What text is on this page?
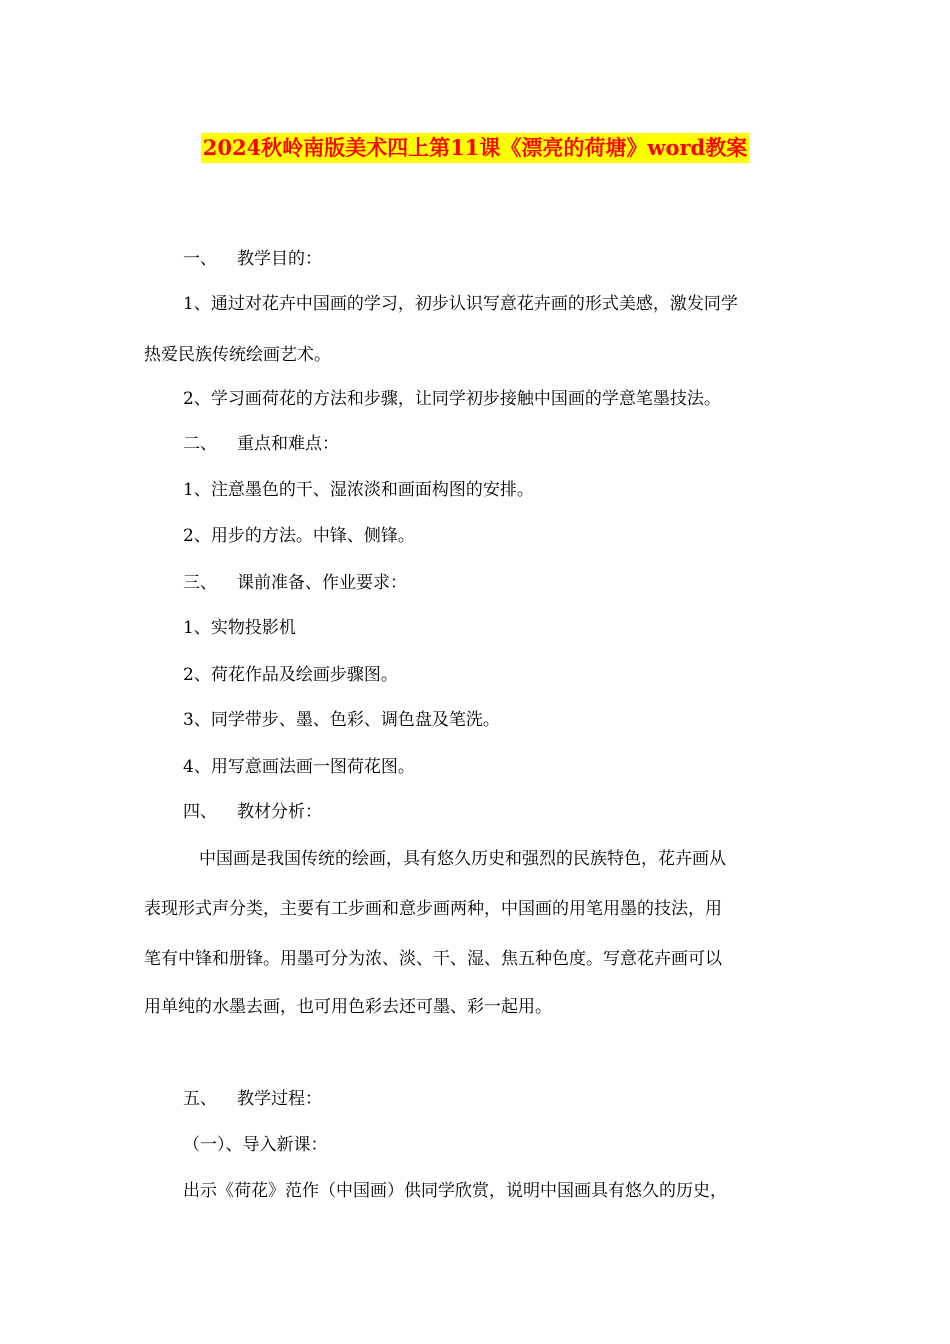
2024秋岭南版美术四上第11课《漂亮的荷塘》word教案
一、 教学目的：
1、通过对花卉中国画的学习，初步认识写意花卉画的形式美感，激发同学
热爱民族传统绘画艺术。
2、学习画荷花的方法和步骤，让同学初步接触中国画的学意笔墨技法。
二、 重点和难点：
1、注意墨色的干、湿浓淡和画面构图的安排。
2、用步的方法。中锋、侧锋。
三、 课前准备、作业要求：
1、实物投影机
2、荷花作品及绘画步骤图。
3、同学带步、墨、色彩、调色盘及笔洗。
4、用写意画法画一图荷花图。
四、 教材分析：
中国画是我国传统的绘画，具有悠久历史和强烈的民族特色，花卉画从
表现形式声分类，主要有工步画和意步画两种，中国画的用笔用墨的技法，用
笔有中锋和册锋。用墨可分为浓、淡、干、湿、焦五种色度。写意花卉画可以
用单纯的水墨去画，也可用色彩去还可墨、彩一起用。
五、 教学过程：
（一）、导入新课：
出示《荷花》范作（中国画）供同学欣赏，说明中国画具有悠久的历史，
